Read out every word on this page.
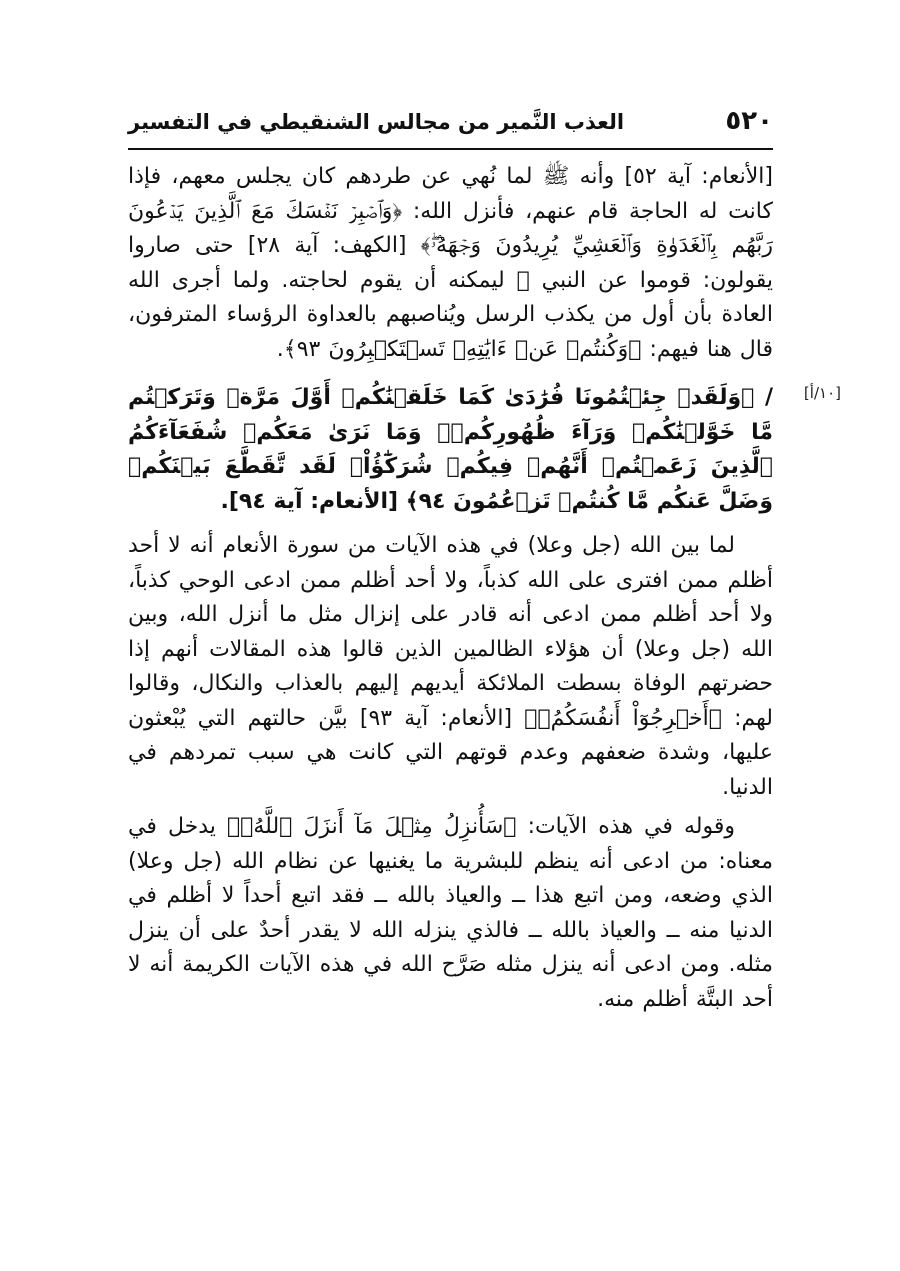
٥٢٠
العذب النَّمير من مجالس الشنقيطي في التفسير

[الأنعام: آية ٥٢] وأنه ﷺ لما نُهي عن طردهم كان يجلس معهم، فإذا كانت له الحاجة قام عنهم، فأنزل الله: ﴿وَٱصۡبِرۡ نَفۡسَكَ مَعَ ٱلَّذِينَ يَدۡعُونَ رَبَّهُم بِٱلۡغَدَوٰةِ وَٱلۡعَشِيِّ يُرِيدُونَ وَجۡهَهُۥۖ﴾ [الكهف: آية ٢٨] حتى صاروا يقولون: قوموا عن النبي ﷺ ليمكنه أن يقوم لحاجته. ولما أجرى الله العادة بأن أول من يكذب الرسل ويُناصبهم بالعداوة الرؤساء المترفون، قال هنا فيهم: ﴿وَكُنتُمۡ عَنۡ ءَايَٰتِهِۦ تَسۡتَكۡبِرُونَ ٩٣﴾.

[١٠/أ]

/ ﴿وَلَقَدۡ جِئۡتُمُونَا فُرَٰدَىٰ كَمَا خَلَقۡنَٰكُمۡ أَوَّلَ مَرَّةٖ وَتَرَكۡتُم مَّا خَوَّلۡنَٰكُمۡ وَرَآءَ ظُهُورِكُمۡۖ وَمَا نَرَىٰ مَعَكُمۡ شُفَعَآءَكُمُ ٱلَّذِينَ زَعَمۡتُمۡ أَنَّهُمۡ فِيكُمۡ شُرَكَٰٓؤُاْۚ لَقَد تَّقَطَّعَ بَيۡنَكُمۡ وَضَلَّ عَنكُم مَّا كُنتُمۡ تَزۡعُمُونَ ٩٤﴾ [الأنعام: آية ٩٤].

لما بين الله (جل وعلا) في هذه الآيات من سورة الأنعام أنه لا أحد أظلم ممن افترى على الله كذباً، ولا أحد أظلم ممن ادعى الوحي كذباً، ولا أحد أظلم ممن ادعى أنه قادر على إنزال مثل ما أنزل الله، وبين الله (جل وعلا) أن هؤلاء الظالمين الذين قالوا هذه المقالات أنهم إذا حضرتهم الوفاة بسطت الملائكة أيديهم إليهم بالعذاب والنكال، وقالوا لهم: ﴿أَخۡرِجُوٓاْ أَنفُسَكُمُۖ﴾ [الأنعام: آية ٩٣] بيَّن حالتهم التي يُبْعثون عليها، وشدة ضعفهم وعدم قوتهم التي كانت هي سبب تمردهم في الدنيا.

وقوله في هذه الآيات: ﴿سَأُنزِلُ مِثۡلَ مَآ أَنزَلَ ٱللَّهُۗ﴾ يدخل في معناه: من ادعى أنه ينظم للبشرية ما يغنيها عن نظام الله (جل وعلا) الذي وضعه، ومن اتبع هذا ــ والعياذ بالله ــ فقد اتبع أحداً لا أظلم في الدنيا منه ــ والعياذ بالله ــ فالذي ينزله الله لا يقدر أحدٌ على أن ينزل مثله. ومن ادعى أنه ينزل مثله صَرَّح الله في هذه الآيات الكريمة أنه لا أحد البتَّة أظلم منه.
